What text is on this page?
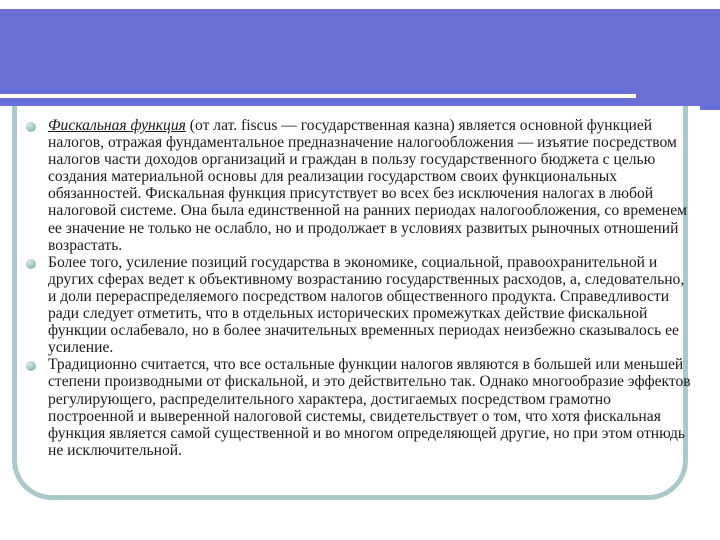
Фискальная функция (от лат. fiscus — государственная казна) является основной функцией налогов, отражая фундаментальное предназначение налогообложения — изъятие посредством налогов части доходов организаций и граждан в пользу государственного бюджета с целью создания материальной основы для реализации государством своих функциональных обязанностей. Фискальная функция присутствует во всех без исключения налогах в любой налоговой системе. Она была единственной на ранних периодах налогообложения, со временем ее значение не только не ослабло, но и продолжает в условиях развитых рыночных отношений возрастать.

Более того, усиление позиций государства в экономике, социальной, правоохранительной и других сферах ведет к объективному возрастанию государственных расходов, а, следовательно, и доли перераспределяемого посредством налогов общественного продукта. Справедливости ради следует отметить, что в отдельных исторических промежутках действие фискальной функции ослабевало, но в более значительных временных периодах неизбежно сказывалось ее усиление.

Традиционно считается, что все остальные функции налогов являются в большей или меньшей степени производными от фискальной, и это действительно так. Однако многообразие эффектов регулирующего, распределительного характера, достигаемых посредством грамотно построенной и выверенной налоговой системы, свидетельствует о том, что хотя фискальная функция является самой существенной и во многом определяющей другие, но при этом отнюдь не исключительной.
